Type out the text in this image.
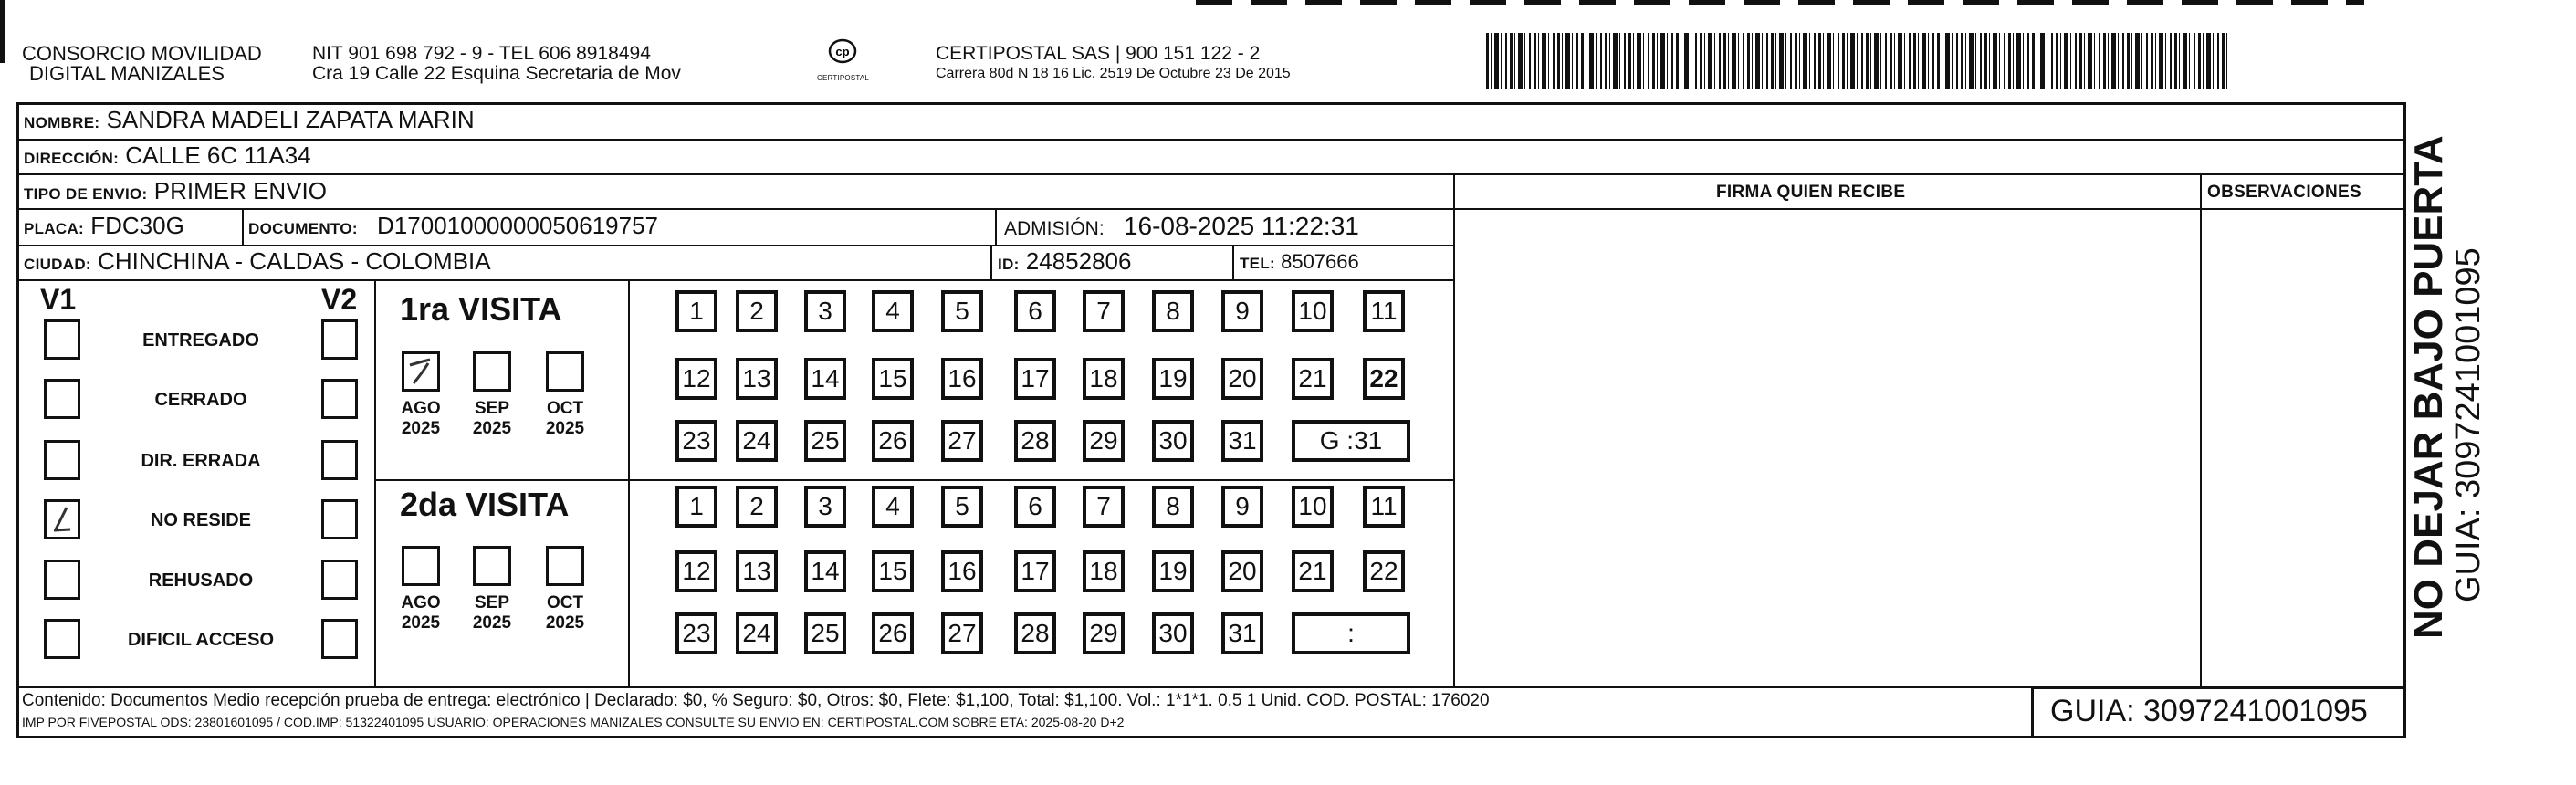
CONSORCIO MOVILIDAD
DIGITAL MANIZALES
NIT 901 698 792 - 9 - TEL 606 8918494
Cra 19 Calle 22 Esquina Secretaria de Mov
cp
CERTIPOSTAL
CERTIPOSTAL SAS | 900 151 122 - 2
Carrera 80d N 18 16 Lic. 2519 De Octubre 23 De 2015
NOMBRE: SANDRA MADELI ZAPATA MARIN
DIRECCIÓN: CALLE 6C 11A34
TIPO DE ENVIO: PRIMER ENVIO
PLACA: FDC30G	DOCUMENTO: D17001000000050619757	ADMISIÓN: 16-08-2025 11:22:31
CIUDAD: CHINCHINA - CALDAS - COLOMBIA	ID: 24852806	TEL: 8507666
FIRMA QUIEN RECIBE	OBSERVACIONES
V1	V2
ENTREGADO
CERRADO
DIR. ERRADA
NO RESIDE
REHUSADO
DIFICIL ACCESO
1ra VISITA
2da VISITA
AGO
2025
SEP
2025
OCT
2025
AGO
2025
SEP
2025
OCT
2025
1	2	3	4	5	6	7	8	9	10	11
12 13 14 15 16 17 18 19 20 21 22
23 24 25 26 27 28 29 30 31	G :31
1	2	3	4	5	6	7	8	9	10	11
12 13 14 15 16 17 18 19 20 21 22
23 24 25 26 27 28 29 30 31	:
Contenido: Documentos Medio recepción prueba de entrega: electrónico | Declarado: $0, % Seguro: $0, Otros: $0, Flete: $1,100, Total: $1,100. Vol.: 1*1*1. 0.5 1 Unid. COD. POSTAL: 176020
IMP POR FIVEPOSTAL ODS: 23801601095 / COD.IMP: 51322401095 USUARIO: OPERACIONES MANIZALES CONSULTE SU ENVIO EN: CERTIPOSTAL.COM SOBRE ETA: 2025-08-20 D+2	GUIA: 3097241001095
NO DEJAR BAJO PUERTA
GUIA: 3097241001095
